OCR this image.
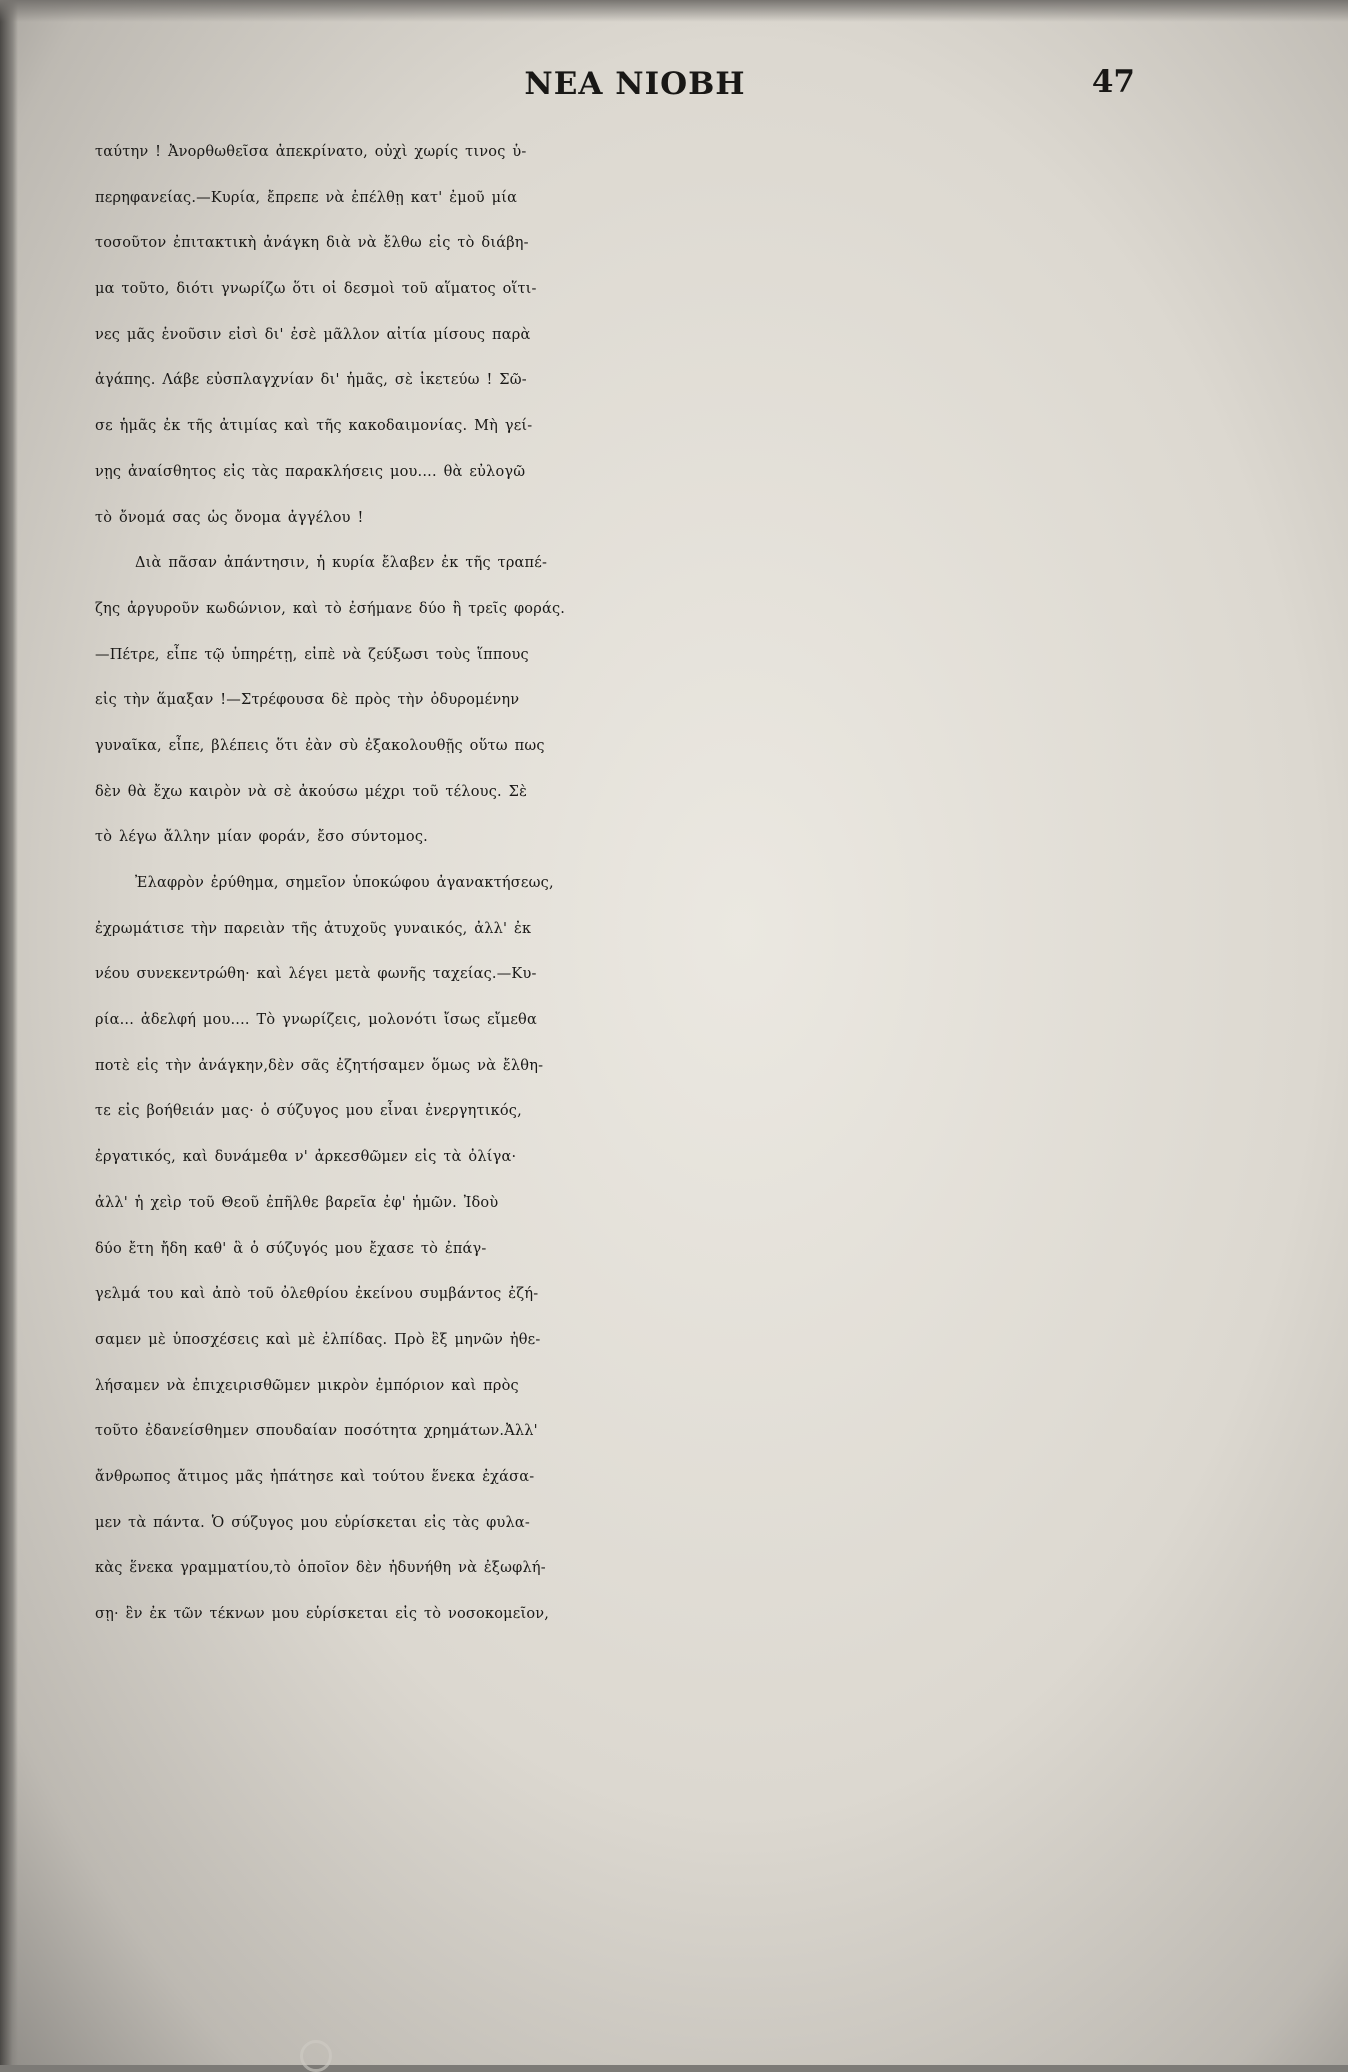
ΝΕΑ ΝΙΟΒΗ	47
ταύτην ! Ἀνορθωθεῖσα ἀπεκρίνατο, οὐχὶ χωρίς τινος ὑ-
περηφανείας.—Κυρία, ἔπρεπε νὰ ἐπέλθῃ κατ' ἐμοῦ μία
τοσοῦτον ἐπιτακτικὴ ἀνάγκη διὰ νὰ ἔλθω εἰς τὸ διάβη-
μα τοῦτο, διότι γνωρίζω ὅτι οἱ δεσμοὶ τοῦ αἵματος οἵτι-
νες μᾶς ἑνοῦσιν εἰσὶ δι' ἐσὲ μᾶλλον αἰτία μίσους παρὰ
ἀγάπης. Λάβε εὐσπλαγχνίαν δι' ἡμᾶς, σὲ ἱκετεύω ! Σῶ-
σε ἡμᾶς ἐκ τῆς ἀτιμίας καὶ τῆς κακοδαιμονίας. Μὴ γεί-
νῃς ἀναίσθητος εἰς τὰς παρακλήσεις μου.... θὰ εὐλογῶ
τὸ ὄνομά σας ὡς ὄνομα ἀγγέλου !
Διὰ πᾶσαν ἀπάντησιν, ἡ κυρία ἔλαβεν ἐκ τῆς τραπέ-
ζης ἀργυροῦν κωδώνιον, καὶ τὸ ἐσήμανε δύο ἢ τρεῖς φοράς.
—Πέτρε, εἶπε τῷ ὑπηρέτῃ, εἰπὲ νὰ ζεύξωσι τοὺς ἵππους
εἰς τὴν ἅμαξαν !—Στρέφουσα δὲ πρὸς τὴν ὀδυρομένην
γυναῖκα, εἶπε, βλέπεις ὅτι ἐὰν σὺ ἐξακολουθῇς οὕτω πως
δὲν θὰ ἔχω καιρὸν νὰ σὲ ἀκούσω μέχρι τοῦ τέλους. Σὲ
τὸ λέγω ἄλλην μίαν φοράν, ἔσο σύντομος.
Ἐλαφρὸν ἐρύθημα, σημεῖον ὑποκώφου ἀγανακτήσεως,
ἐχρωμάτισε τὴν παρειὰν τῆς ἀτυχοῦς γυναικός, ἀλλ' ἐκ
νέου συνεκεντρώθη· καὶ λέγει μετὰ φωνῆς ταχείας.—Κυ-
ρία... ἀδελφή μου.... Τὸ γνωρίζεις, μολονότι ἴσως εἴμεθα
ποτὲ εἰς τὴν ἀνάγκην,δὲν σᾶς ἐζητήσαμεν ὅμως νὰ ἔλθη-
τε εἰς βοήθειάν μας· ὁ σύζυγος μου εἶναι ἐνεργητικός,
ἐργατικός, καὶ δυνάμεθα ν' ἀρκεσθῶμεν εἰς τὰ ὀλίγα·
ἀλλ' ἡ χεὶρ τοῦ Θεοῦ ἐπῆλθε βαρεῖα ἐφ' ἡμῶν. Ἰδοὺ
δύο ἔτη ἤδη καθ' ἃ ὁ σύζυγός μου ἔχασε τὸ ἐπάγ-
γελμά του καὶ ἀπὸ τοῦ ὀλεθρίου ἐκείνου συμβάντος ἐζή-
σαμεν μὲ ὑποσχέσεις καὶ μὲ ἐλπίδας. Πρὸ ἓξ μηνῶν ἠθε-
λήσαμεν νὰ ἐπιχειρισθῶμεν μικρὸν ἐμπόριον καὶ πρὸς
τοῦτο ἐδανείσθημεν σπουδαίαν ποσότητα χρημάτων.Ἀλλ'
ἄνθρωπος ἄτιμος μᾶς ἠπάτησε καὶ τούτου ἕνεκα ἐχάσα-
μεν τὰ πάντα. Ὁ σύζυγος μου εὑρίσκεται εἰς τὰς φυλα-
κὰς ἕνεκα γραμματίου,τὸ ὁποῖον δὲν ἠδυνήθη νὰ ἐξωφλή-
σῃ· ἓν ἐκ τῶν τέκνων μου εὑρίσκεται εἰς τὸ νοσοκομεῖον,
